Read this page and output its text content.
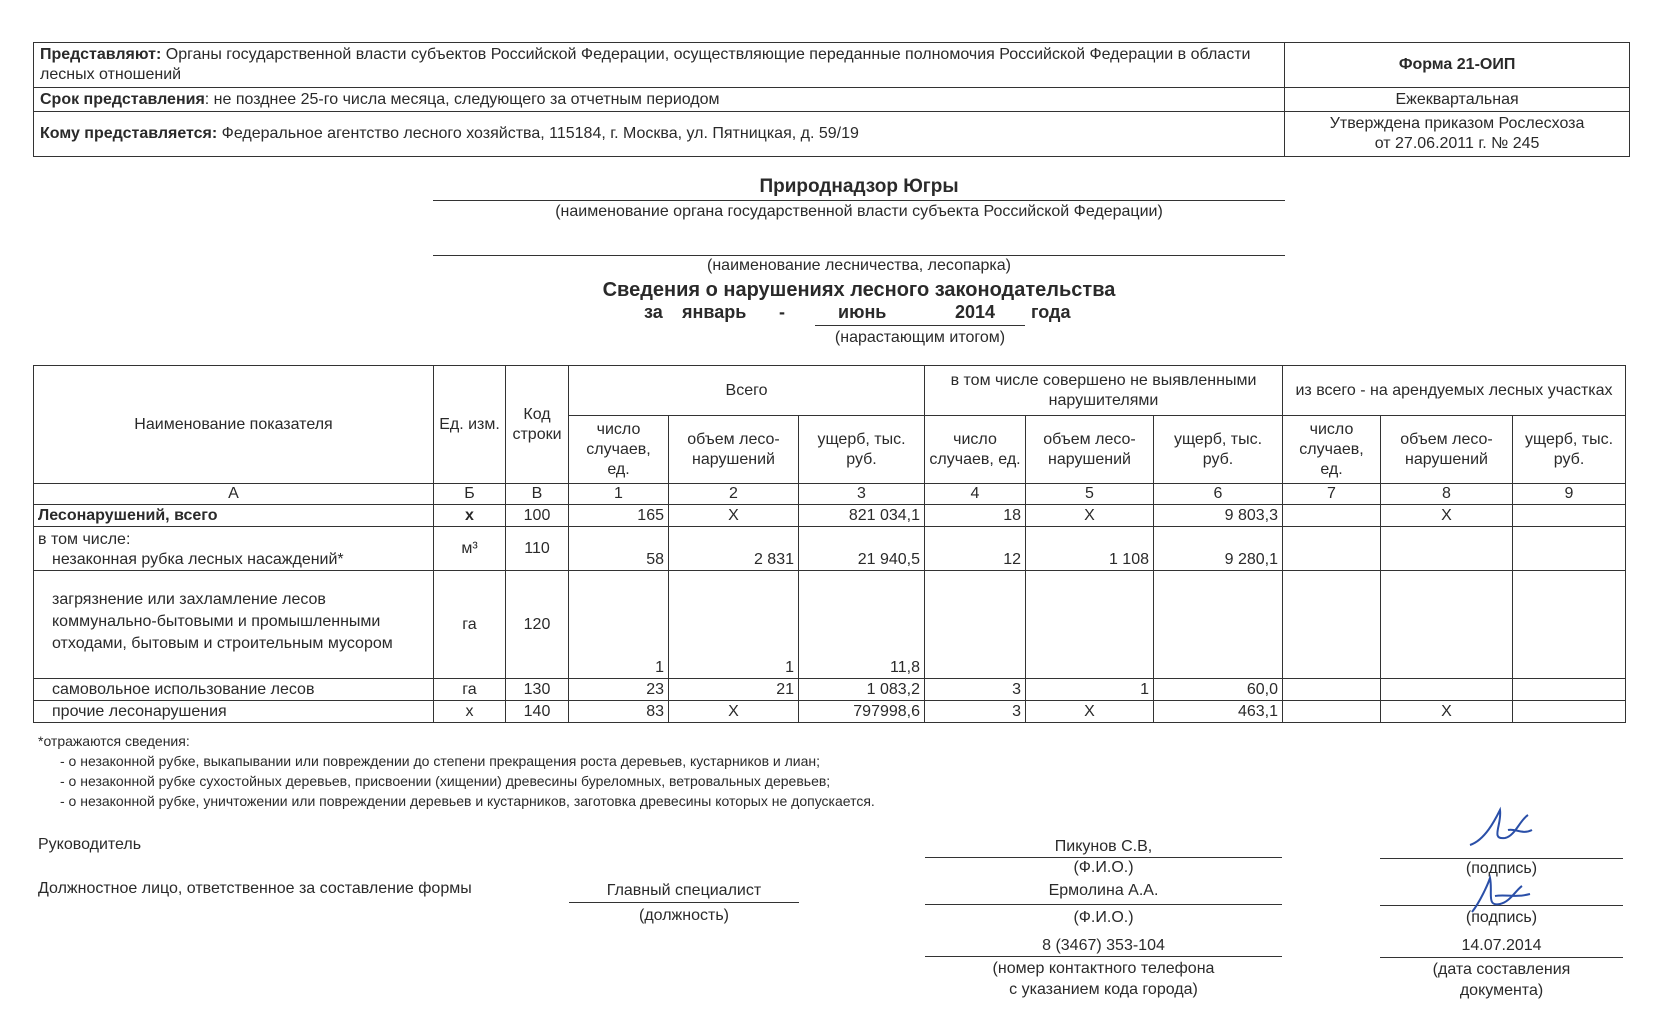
Представляют: Органы государственной власти субъектов Российской Федерации, осуществляющие переданные полномочия Российской Федерации в области лесных отношений	Форма 21-ОИП
Срок представления: не позднее 25-го числа месяца, следующего за отчетным периодом	Ежеквартальная
Кому представляется: Федеральное агентство лесного хозяйства, 115184, г. Москва, ул. Пятницкая, д. 59/19	Утверждена приказом Рослесхоза
от 27.06.2011 г. № 245
Природнадзор Югры
(наименование органа государственной власти субъекта Российской Федерации)
(наименование лесничества, лесопарка)
Сведения о нарушениях лесного законодательства
за январь -	июнь	2014 года
(нарастающим итогом)
Наименование показателя	Ед. изм.	Код строки	Всего			в том числе совершено не выявленными нарушителями			из всего - на арендуемых лесных участках		
			число случаев, ед.	объем лесо-нарушений	ущерб, тыс. руб.	число случаев, ед.	объем лесо-нарушений	ущерб, тыс. руб.	число случаев, ед.	объем лесо-нарушений	ущерб, тыс. руб.
А	Б	В	1	2	3	4	5	6	7	8	9
Лесонарушений, всего	х	100	165	Х	821 034,1	18	Х	9 803,3		Х	

в том числе:
незаконная рубка лесных насаждений*	м³	110	58	2 831	21 940,5	12	1 108	9 280,1			
загрязнение или захламление лесов коммунально-бытовыми и промышленными отходами, бытовым и строительным мусором	га	120	1	1	11,8						
самовольное использование лесов	га	130	23	21	1 083,2	3	1	60,0			
прочие лесонарушения	х	140	83	Х	797998,6	3	Х	463,1		Х	
*отражаются сведения:
- о незаконной рубке, выкапывании или повреждении до степени прекращения роста деревьев, кустарников и лиан;
- о незаконной рубке сухостойных деревьев, присвоении (хищении) древесины буреломных, ветровальных деревьев;
- о незаконной рубке, уничтожении или повреждении деревьев и кустарников, заготовка древесины которых не допускается.
Руководитель	Пикунов С.В,
(Ф.И.О.)	(подпись)
Должностное лицо, ответственное за составление формы	Главный специалист
(должность)
Ермолина А.А.
(Ф.И.О.)	(подпись)
8 (3467) 353-104
(номер контактного телефона
с указанием кода города)
14.07.2014
(дата составления
документа)
